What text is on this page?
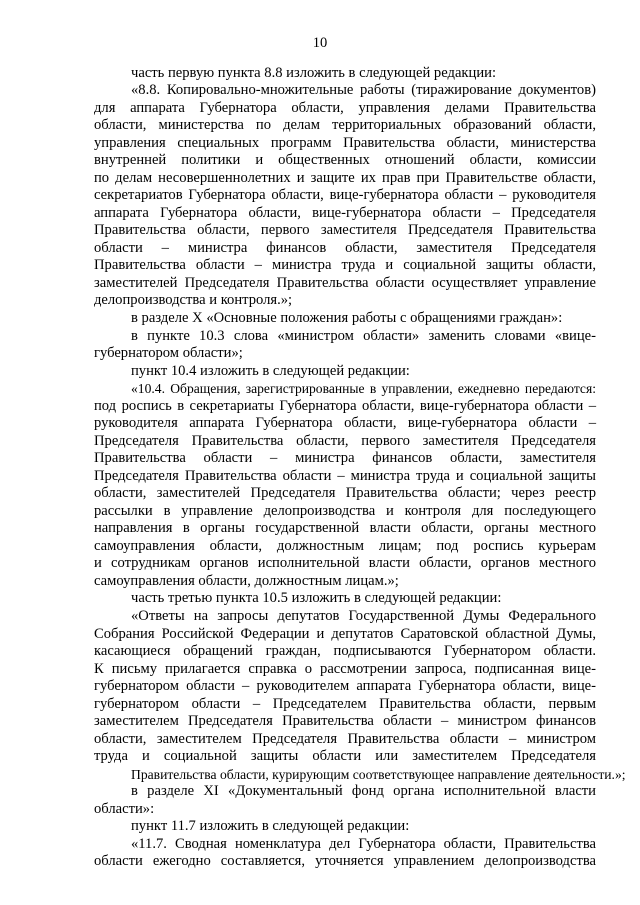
10
часть первую пункта 8.8 изложить в следующей редакции:
«8.8. Копировально-множительные работы (тиражирование документов)
для аппарата Губернатора области, управления делами Правительства
области, министерства по делам территориальных образований области,
управления специальных программ Правительства области, министерства
внутренней политики и общественных отношений области, комиссии
по делам несовершеннолетних и защите их прав при Правительстве области,
секретариатов Губернатора области, вице-губернатора области – руководителя
аппарата Губернатора области, вице-губернатора области – Председателя
Правительства области, первого заместителя Председателя Правительства
области – министра финансов области, заместителя Председателя
Правительства области – министра труда и социальной защиты области,
заместителей Председателя Правительства области осуществляет управление
делопроизводства и контроля.»;
в разделе X «Основные положения работы с обращениями граждан»:
в пункте 10.3 слова «министром области» заменить словами «вице-
губернатором области»;
пункт 10.4 изложить в следующей редакции:
«10.4. Обращения, зарегистрированные в управлении, ежедневно передаются:
под роспись в секретариаты Губернатора области, вице-губернатора области –
руководителя аппарата Губернатора области, вице-губернатора области –
Председателя Правительства области, первого заместителя Председателя
Правительства области – министра финансов области, заместителя
Председателя Правительства области – министра труда и социальной защиты
области, заместителей Председателя Правительства области; через реестр
рассылки в управление делопроизводства и контроля для последующего
направления в органы государственной власти области, органы местного
самоуправления области, должностным лицам; под роспись курьерам
и сотрудникам органов исполнительной власти области, органов местного
самоуправления области, должностным лицам.»;
часть третью пункта 10.5 изложить в следующей редакции:
«Ответы на запросы депутатов Государственной Думы Федерального
Собрания Российской Федерации и депутатов Саратовской областной Думы,
касающиеся обращений граждан, подписываются Губернатором области.
К письму прилагается справка о рассмотрении запроса, подписанная вице-
губернатором области – руководителем аппарата Губернатора области, вице-
губернатором области – Председателем Правительства области, первым
заместителем Председателя Правительства области – министром финансов
области, заместителем Председателя Правительства области – министром
труда и социальной защиты области или заместителем Председателя
Правительства области, курирующим соответствующее направление деятельности.»;
в разделе XI «Документальный фонд органа исполнительной власти
области»:
пункт 11.7 изложить в следующей редакции:
«11.7. Сводная номенклатура дел Губернатора области, Правительства
области ежегодно составляется, уточняется управлением делопроизводства
